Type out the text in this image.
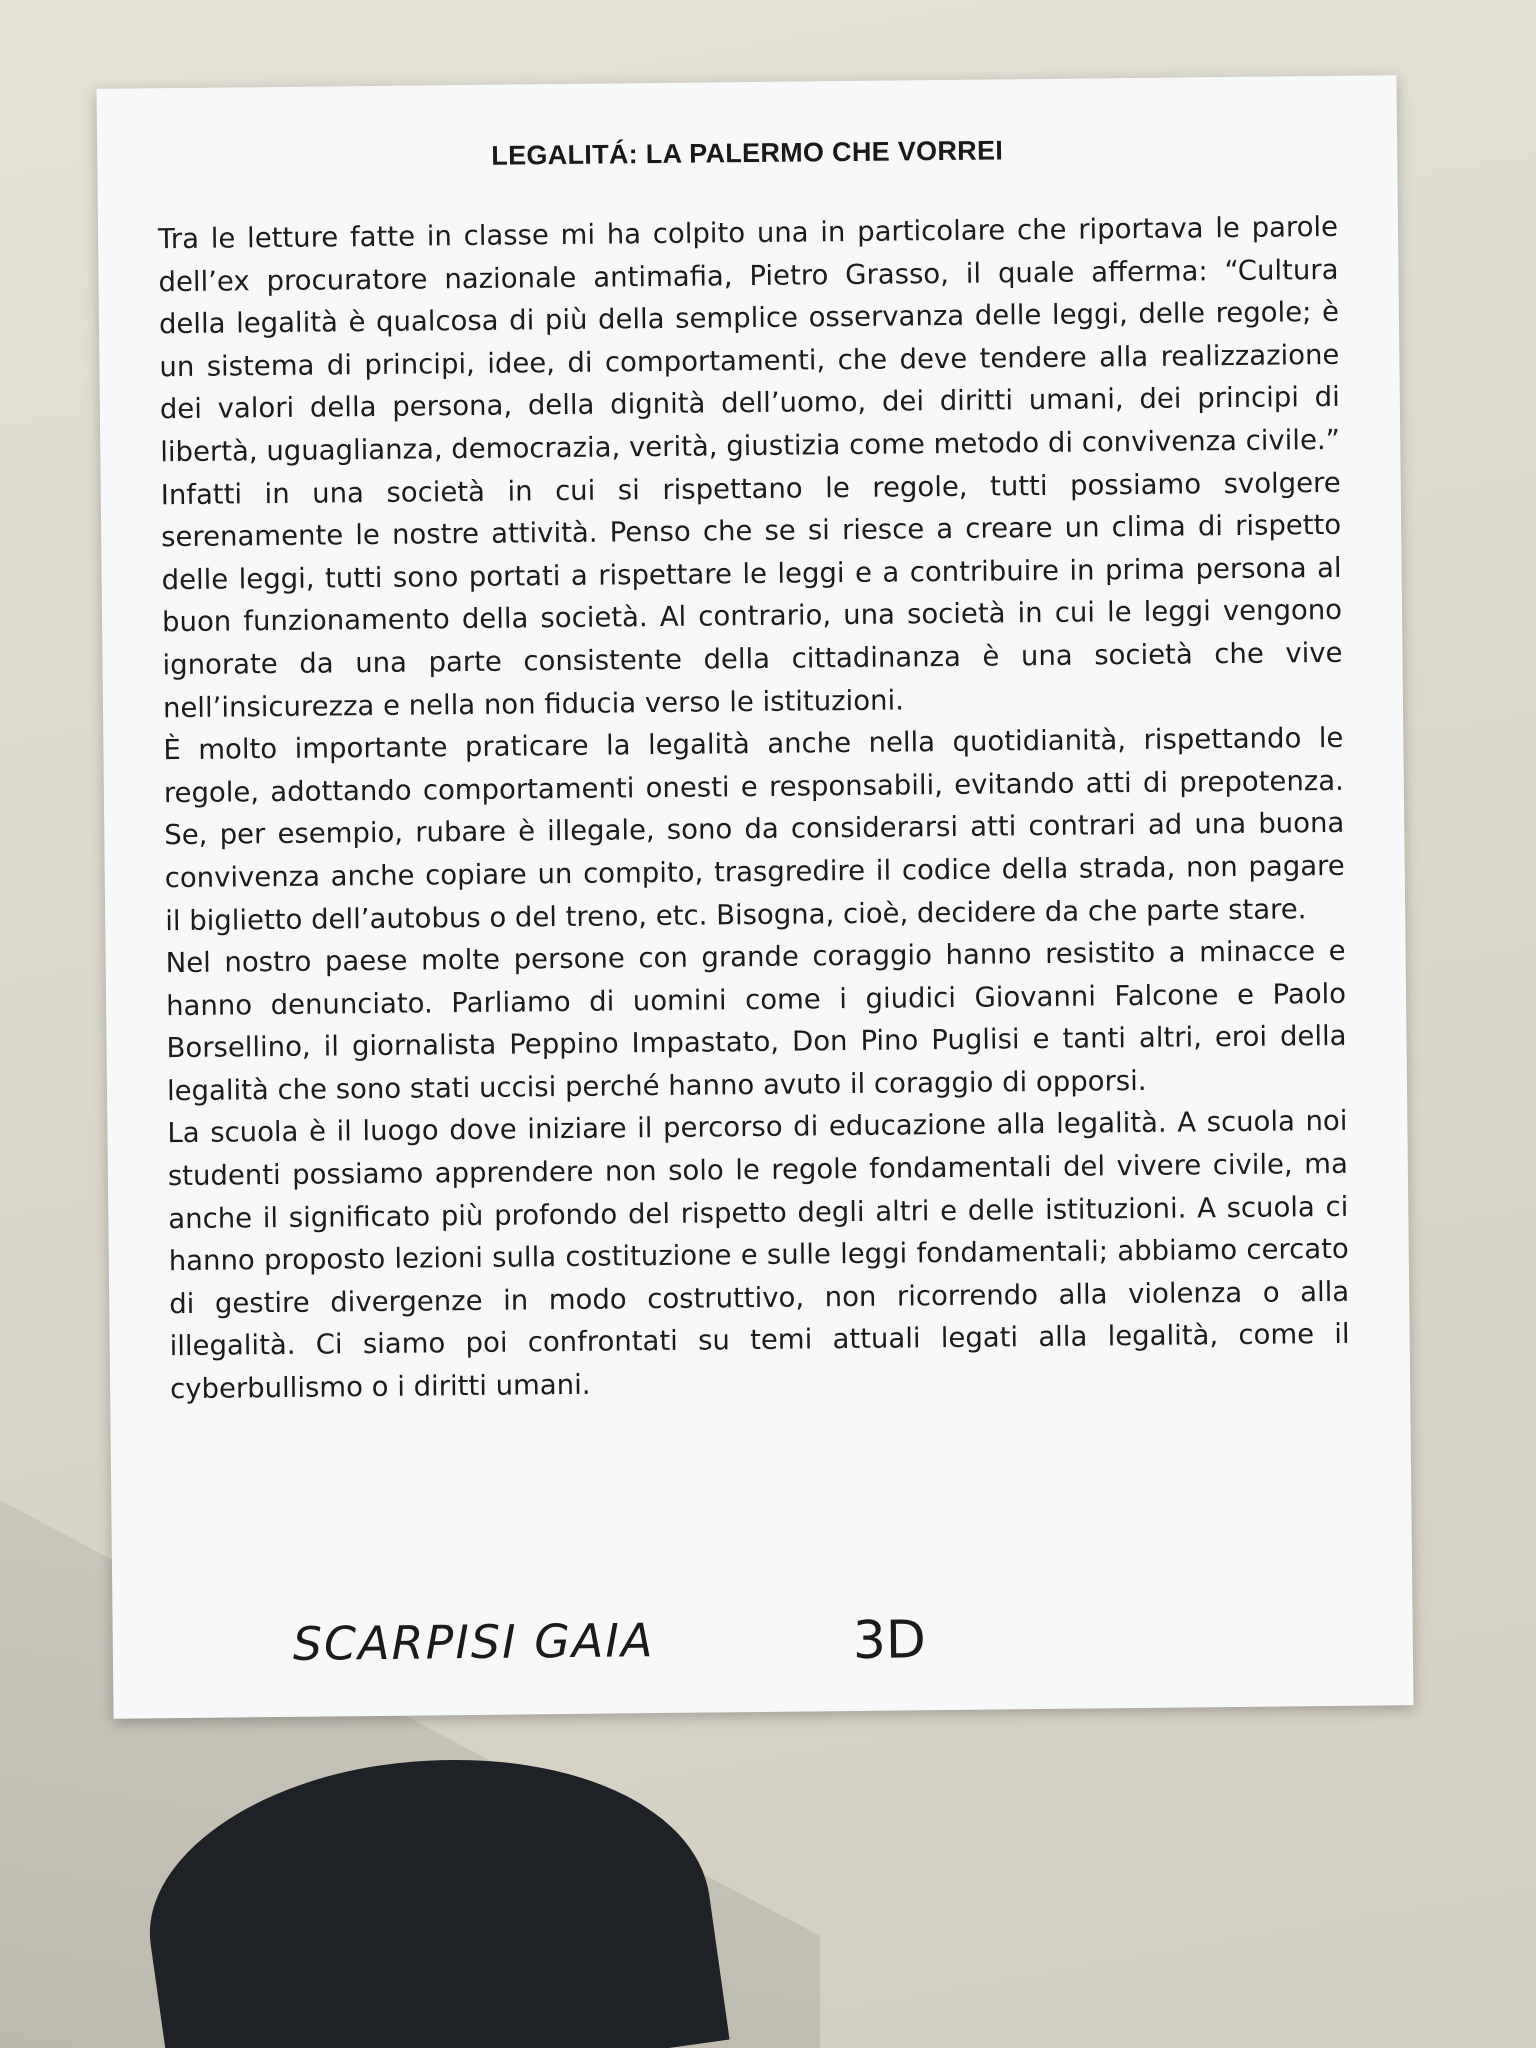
LEGALITÁ: LA PALERMO CHE VORREI

Tra le letture fatte in classe mi ha colpito una in particolare che riportava le parole dell’ex procuratore nazionale antimafia, Pietro Grasso, il quale afferma: “Cultura della legalità è qualcosa di più della semplice osservanza delle leggi, delle regole; è un sistema di principi, idee, di comportamenti, che deve tendere alla realizzazione dei valori della persona, della dignità dell’uomo, dei diritti umani, dei principi di libertà, uguaglianza, democrazia, verità, giustizia come metodo di convivenza civile.”

Infatti in una società in cui si rispettano le regole, tutti possiamo svolgere serenamente le nostre attività. Penso che se si riesce a creare un clima di rispetto delle leggi, tutti sono portati a rispettare le leggi e a contribuire in prima persona al buon funzionamento della società. Al contrario, una società in cui le leggi vengono ignorate da una parte consistente della cittadinanza è una società che vive nell’insicurezza e nella non fiducia verso le istituzioni.

È molto importante praticare la legalità anche nella quotidianità, rispettando le regole, adottando comportamenti onesti e responsabili, evitando atti di prepotenza. Se, per esempio, rubare è illegale, sono da considerarsi atti contrari ad una buona convivenza anche copiare un compito, trasgredire il codice della strada, non pagare il biglietto dell’autobus o del treno, etc. Bisogna, cioè, decidere da che parte stare.

Nel nostro paese molte persone con grande coraggio hanno resistito a minacce e hanno denunciato. Parliamo di uomini come i giudici Giovanni Falcone e Paolo Borsellino, il giornalista Peppino Impastato, Don Pino Puglisi e tanti altri, eroi della legalità che sono stati uccisi perché hanno avuto il coraggio di opporsi.

La scuola è il luogo dove iniziare il percorso di educazione alla legalità. A scuola noi studenti possiamo apprendere non solo le regole fondamentali del vivere civile, ma anche il significato più profondo del rispetto degli altri e delle istituzioni. A scuola ci hanno proposto lezioni sulla costituzione e sulle leggi fondamentali; abbiamo cercato di gestire divergenze in modo costruttivo, non ricorrendo alla violenza o alla illegalità. Ci siamo poi confrontati su temi attuali legati alla legalità, come il cyberbullismo o i diritti umani.

SCARPISI GAIA	3D
